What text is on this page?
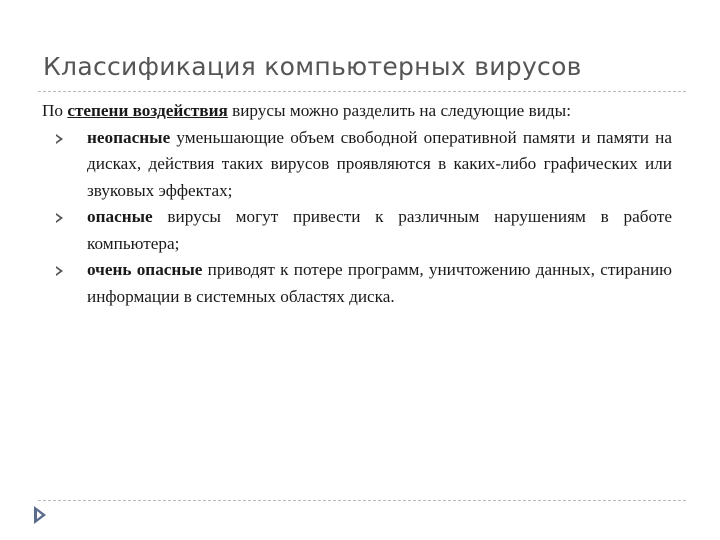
Классификация компьютерных вирусов

По степени воздействия вирусы можно разделить на следующие виды:

неопасные уменьшающие объем свободной оперативной памяти и памяти на дисках, действия таких вирусов проявляются в каких-либо графических или звуковых эффектах;
опасные вирусы могут привести к различным нарушениям в работе компьютера;
очень опасные приводят к потере программ, уничтожению данных, стиранию информации в системных областях диска.
